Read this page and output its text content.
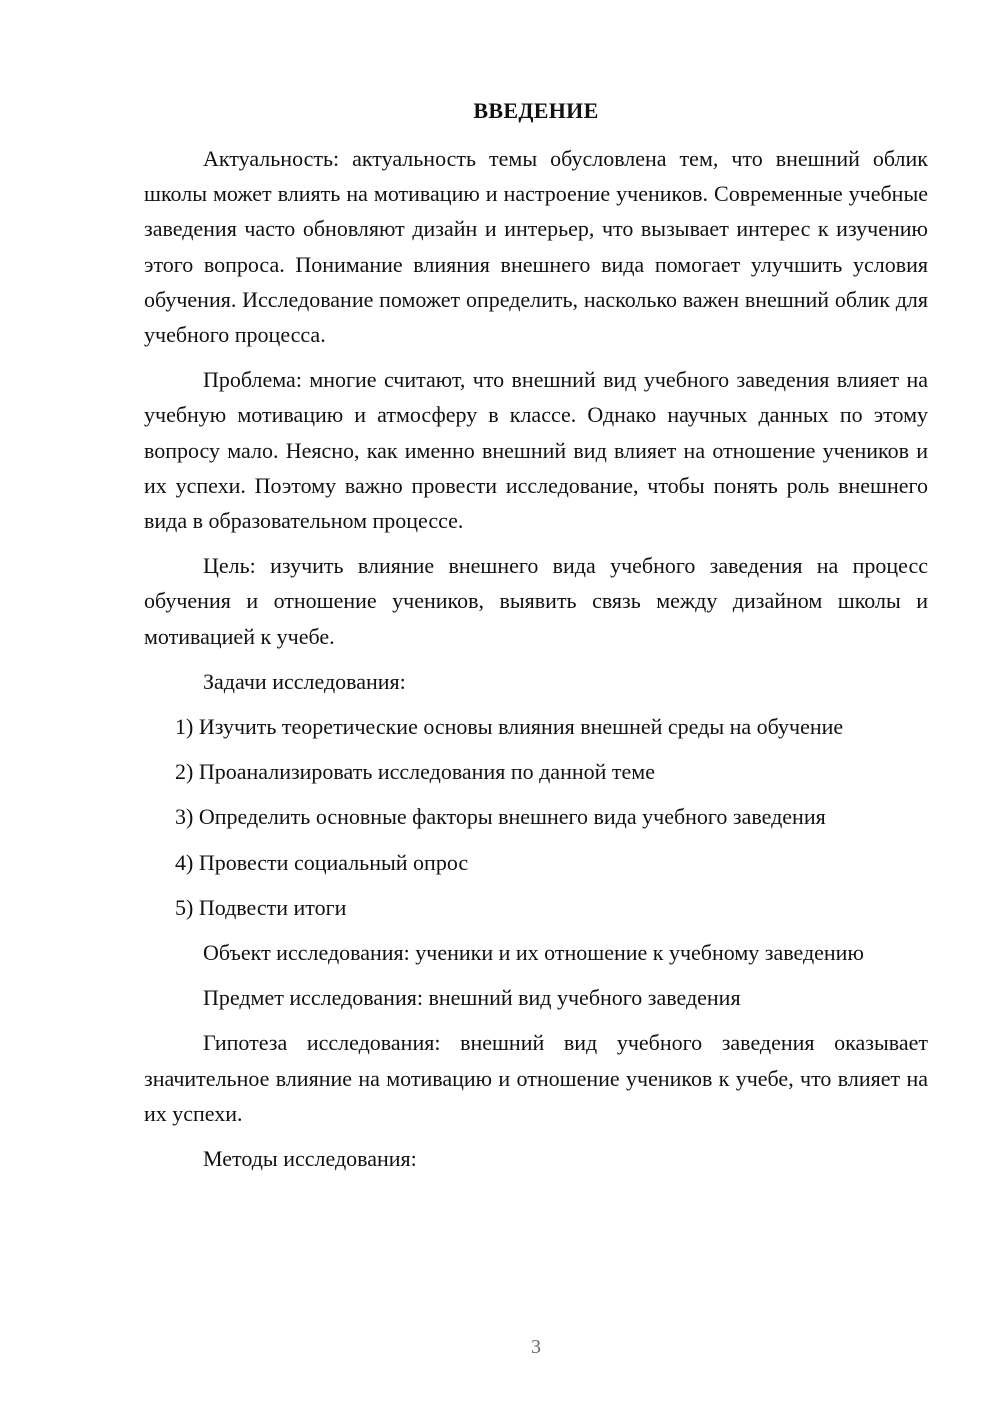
ВВЕДЕНИЕ

Актуальность: актуальность темы обусловлена тем, что внешний облик школы может влиять на мотивацию и настроение учеников. Современные учебные заведения часто обновляют дизайн и интерьер, что вызывает интерес к изучению этого вопроса. Понимание влияния внешнего вида помогает улучшить условия обучения. Исследование поможет определить, насколько важен внешний облик для учебного процесса.

Проблема: многие считают, что внешний вид учебного заведения влияет на учебную мотивацию и атмосферу в классе. Однако научных данных по этому вопросу мало. Неясно, как именно внешний вид влияет на отношение учеников и их успехи. Поэтому важно провести исследование, чтобы понять роль внешнего вида в образовательном процессе.

Цель: изучить влияние внешнего вида учебного заведения на процесс обучения и отношение учеников, выявить связь между дизайном школы и мотивацией к учебе.

Задачи исследования:

1) Изучить теоретические основы влияния внешней среды на обучение

2) Проанализировать исследования по данной теме

3) Определить основные факторы внешнего вида учебного заведения

4) Провести социальный опрос

5) Подвести итоги

Объект исследования: ученики и их отношение к учебному заведению

Предмет исследования: внешний вид учебного заведения

Гипотеза исследования: внешний вид учебного заведения оказывает значительное влияние на мотивацию и отношение учеников к учебе, что влияет на их успехи.

Методы исследования:

3
